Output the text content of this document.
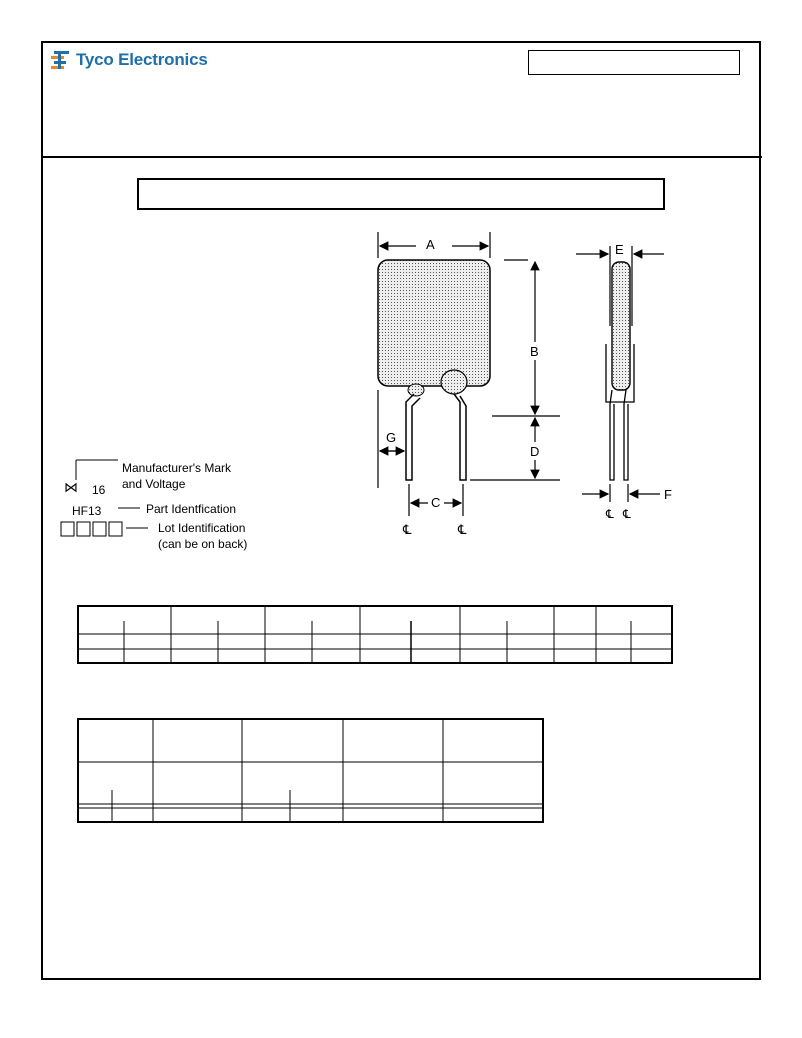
Tyco Electronics
A
B
D
G
C
℄	℄
E
F
℄ ℄
⋈ 16
Manufacturer's Mark
and Voltage
HF13	Part Identfication
Lot Identification
(can be on back)
